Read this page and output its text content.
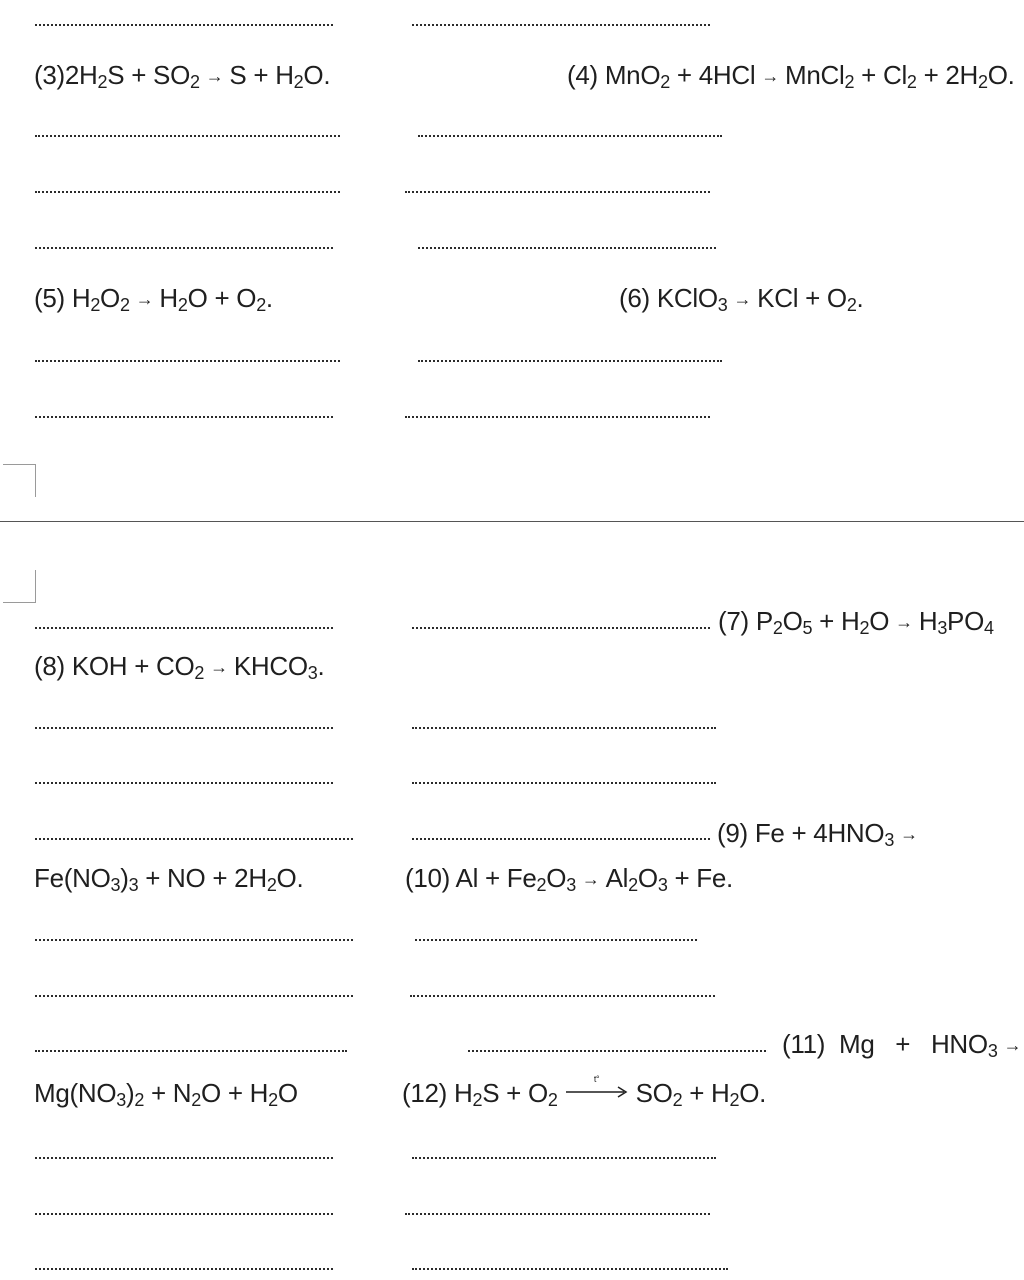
(3)2H2S + SO2 → S + H2O.	(4) MnO2 + 4HCl → MnCl2 + Cl2 + 2H2O.
(5) H2O2 → H2O + O2.	(6) KClO3 → KCl + O2.
(7) P2O5 + H2O → H3PO4
(8) KOH + CO2 → KHCO3.
(9) Fe + 4HNO3 →
Fe(NO3)3 + NO + 2H2O.	(10) Al + Fe2O3 → Al2O3 + Fe.
(11) Mg + HNO3 →
Mg(NO3)2 + N2O + H2O	(12) H2S + O2
t° SO2 + H2O.
